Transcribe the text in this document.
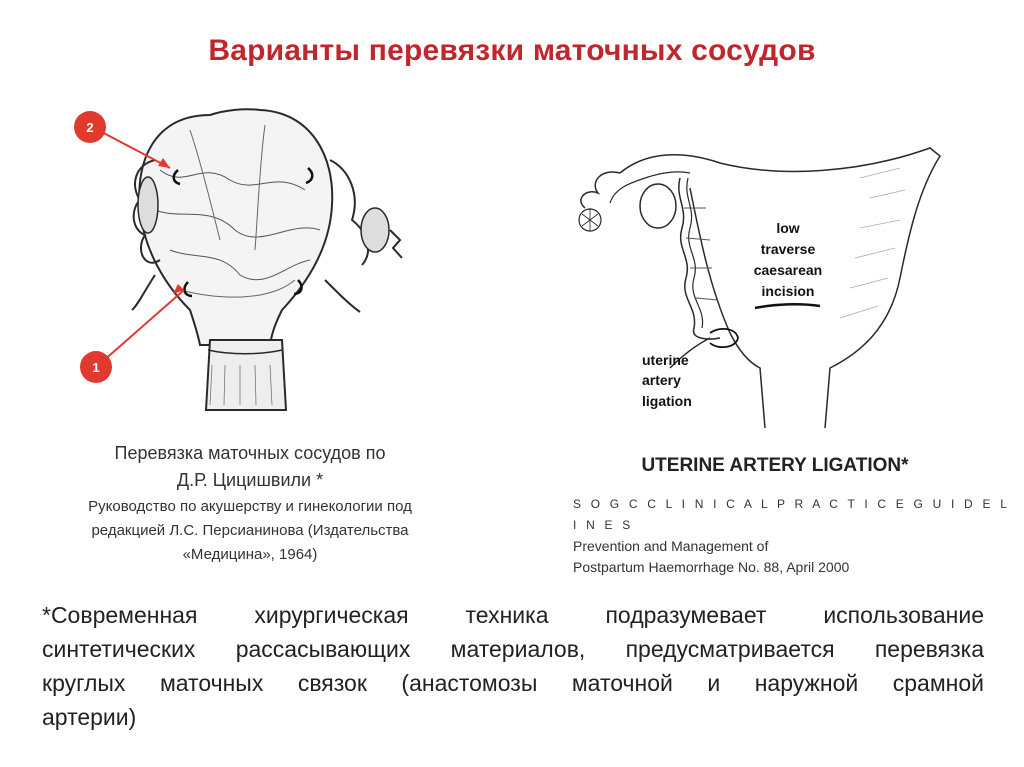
Варианты перевязки маточных сосудов
2
1
Перевязка маточных сосудов по
Д.Р. Цицишвили *
Руководство по акушерству и гинекологии под
редакцией Л.С. Персианинова (Издательства
«Медицина», 1964)
low
traverse
caesarean
incision
uterine
artery
ligation
UTERINE ARTERY LIGATION*
S O G C C L I N I C A L P R A C T I C E G U I D E L I N E S
Prevention and Management of
Postpartum Haemorrhage No. 88, April 2000
*Современная хирургическая техника подразумевает использование
синтетических рассасывающих материалов, предусматривается перевязка
круглых маточных связок (анастомозы маточной и наружной срамной
артерии)
